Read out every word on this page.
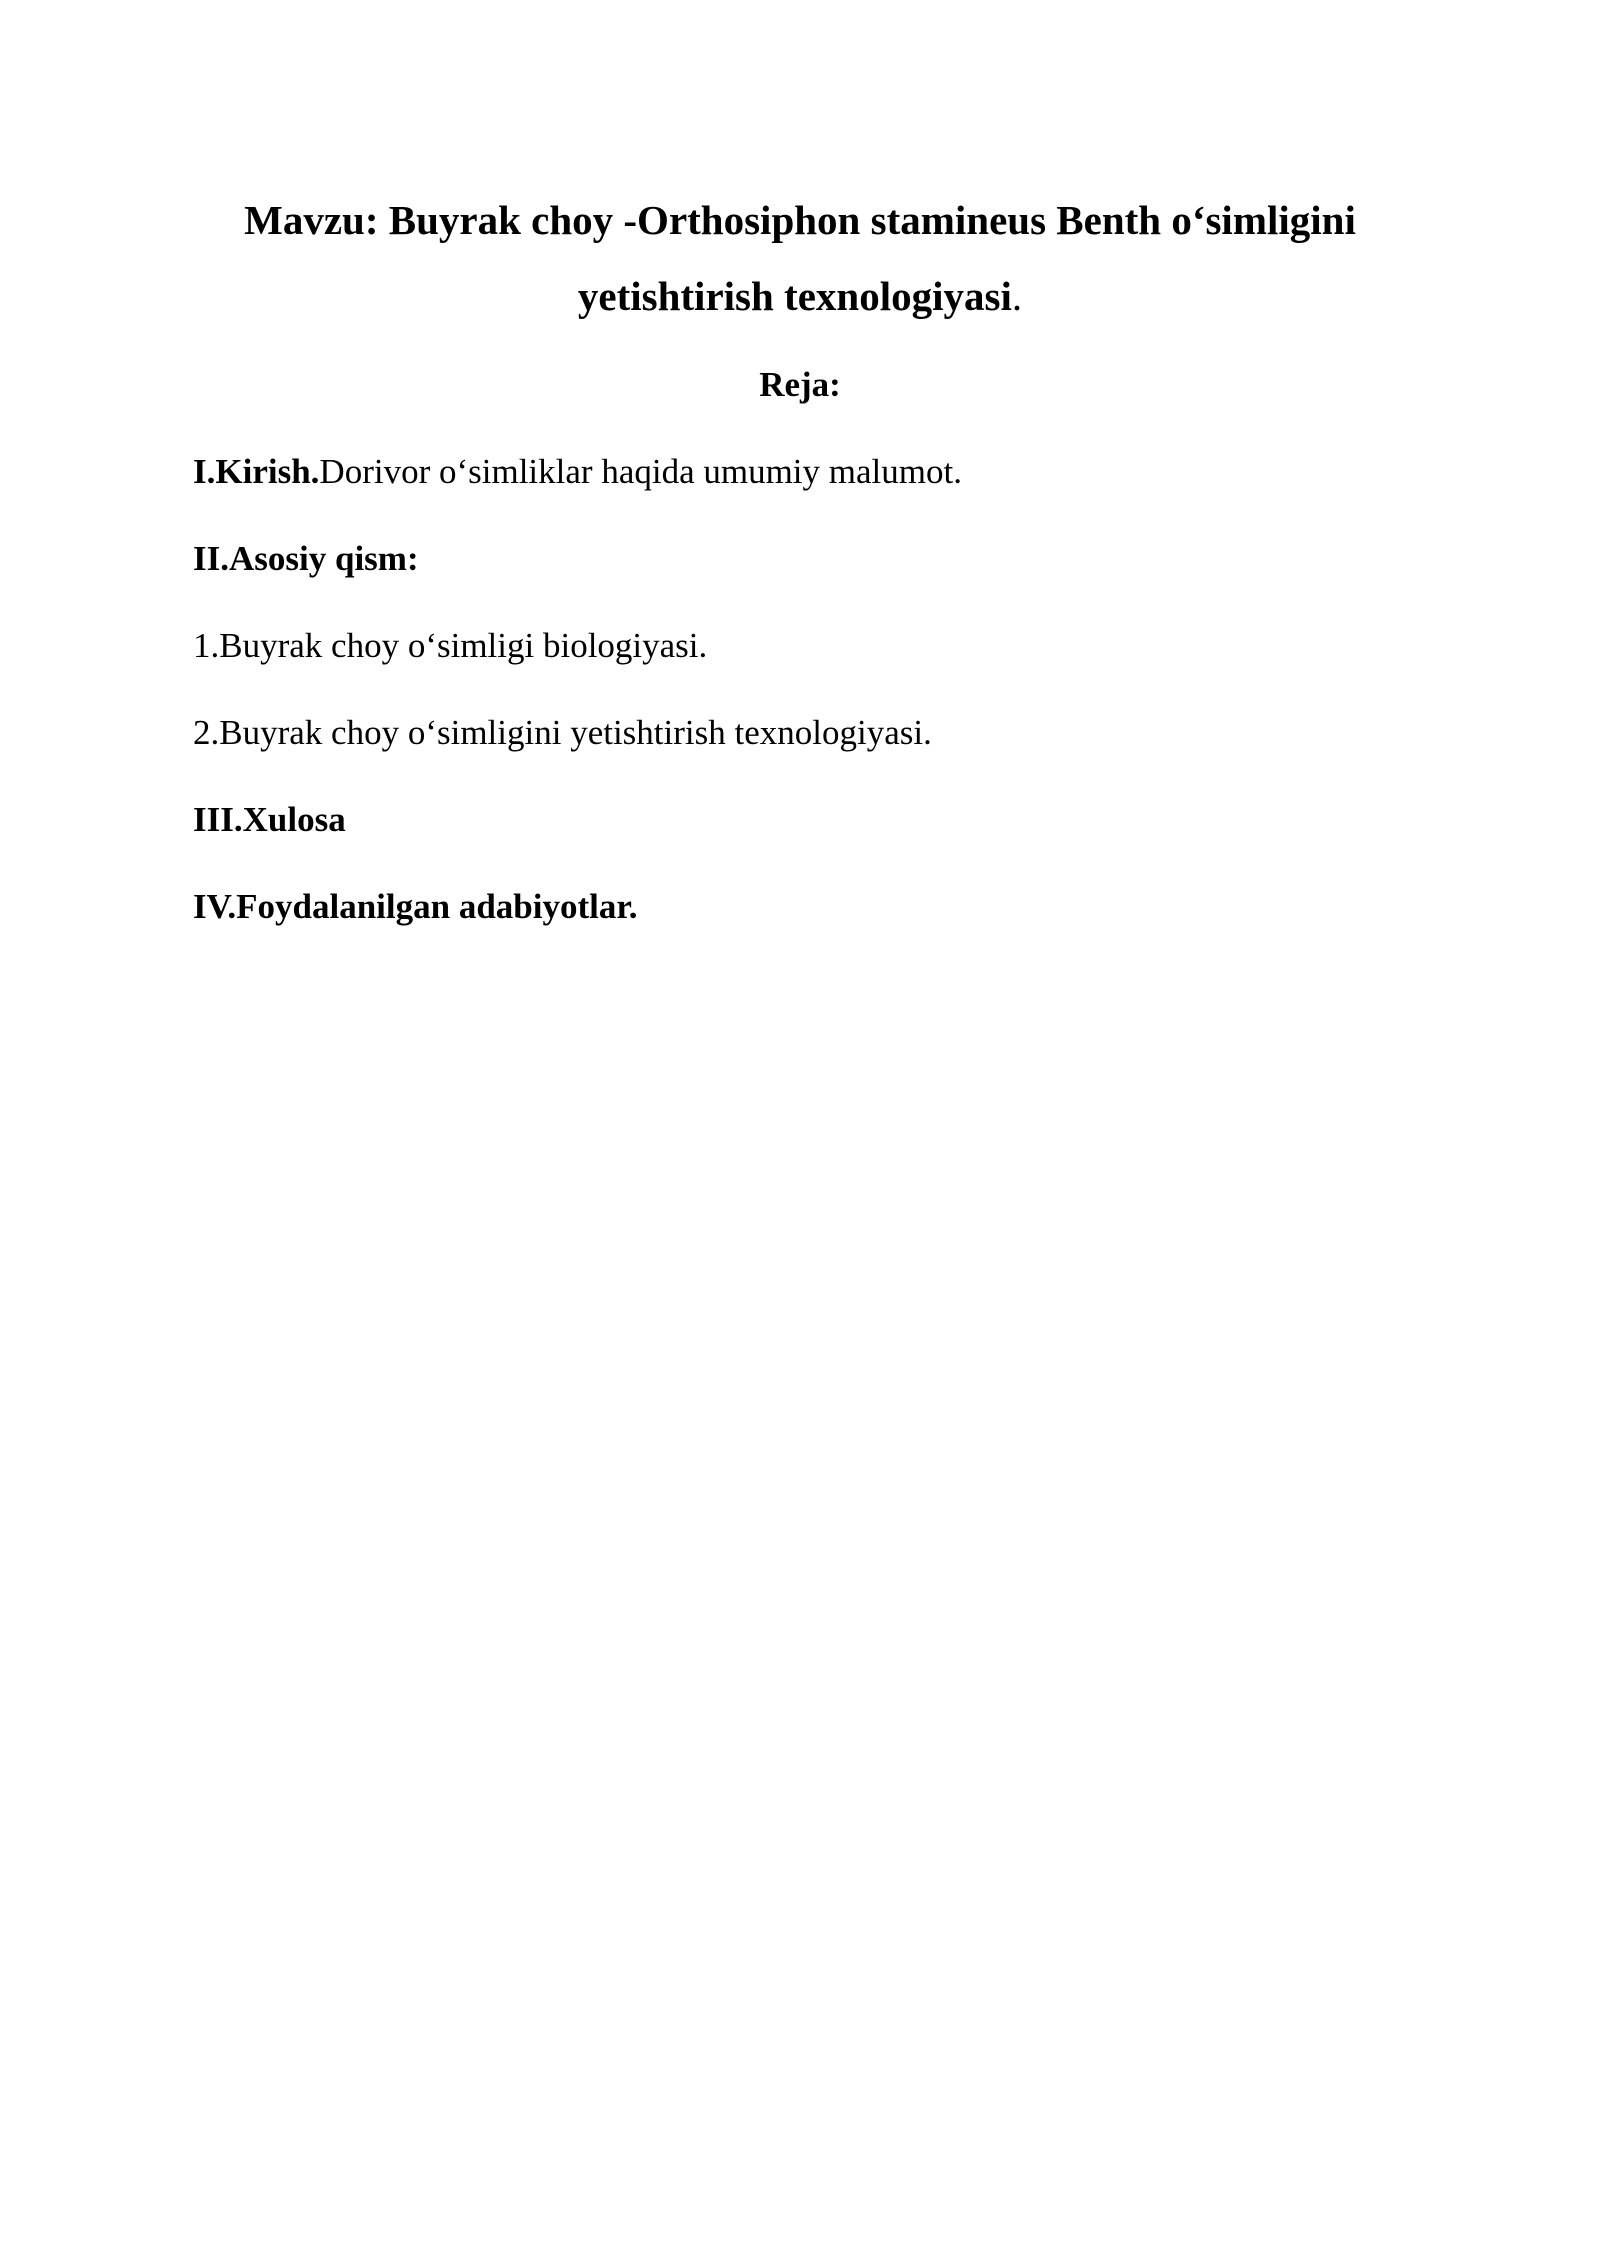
Mavzu: Buyrak choy -Orthosiphon stamineus Benth o‘simligini yetishtirish texnologiyasi.

Reja:

I.Kirish.Dorivor o‘simliklar haqida umumiy malumot.

II.Asosiy qism:

1.Buyrak choy o‘simligi biologiyasi.

2.Buyrak choy o‘simligini yetishtirish texnologiyasi.

III.Xulosa

IV.Foydalanilgan adabiyotlar.
